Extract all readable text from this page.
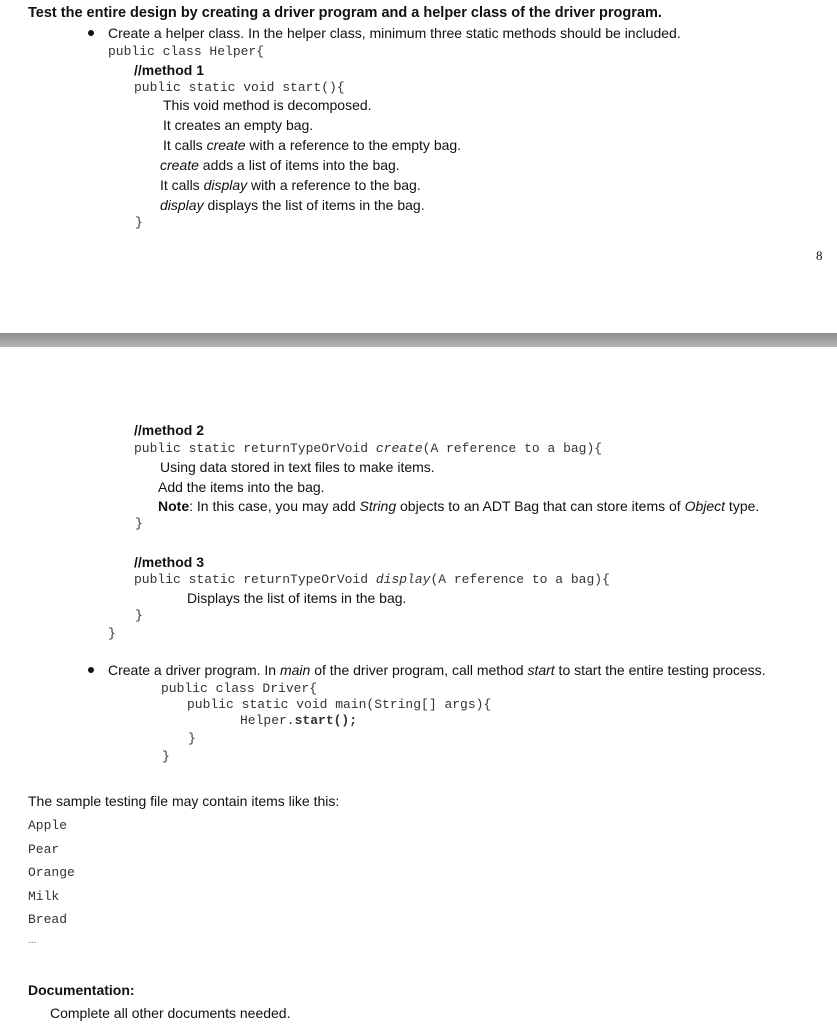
Test the entire design by creating a driver program and a helper class of the driver program.
Create a helper class. In the helper class, minimum three static methods should be included.
public class Helper{
//method 1
public static void start(){
This void method is decomposed.
It creates an empty bag.
It calls create with a reference to the empty bag.
create adds a list of items into the bag.
It calls display with a reference to the bag.
display displays the list of items in the bag.
}
8
//method 2
public static returnTypeOrVoid create(A reference to a bag){
Using data stored in text files to make items.
Add the items into the bag.
Note: In this case, you may add String objects to an ADT Bag that can store items of Object type.
}
//method 3
public static returnTypeOrVoid display(A reference to a bag){
Displays the list of items in the bag.
}
}
Create a driver program. In main of the driver program, call method start to start the entire testing process.
public class Driver{
public static void main(String[] args){
Helper.start();
}
}
The sample testing file may contain items like this:
Apple
Pear
Orange
Milk
Bread
...
Documentation:
Complete all other documents needed.
